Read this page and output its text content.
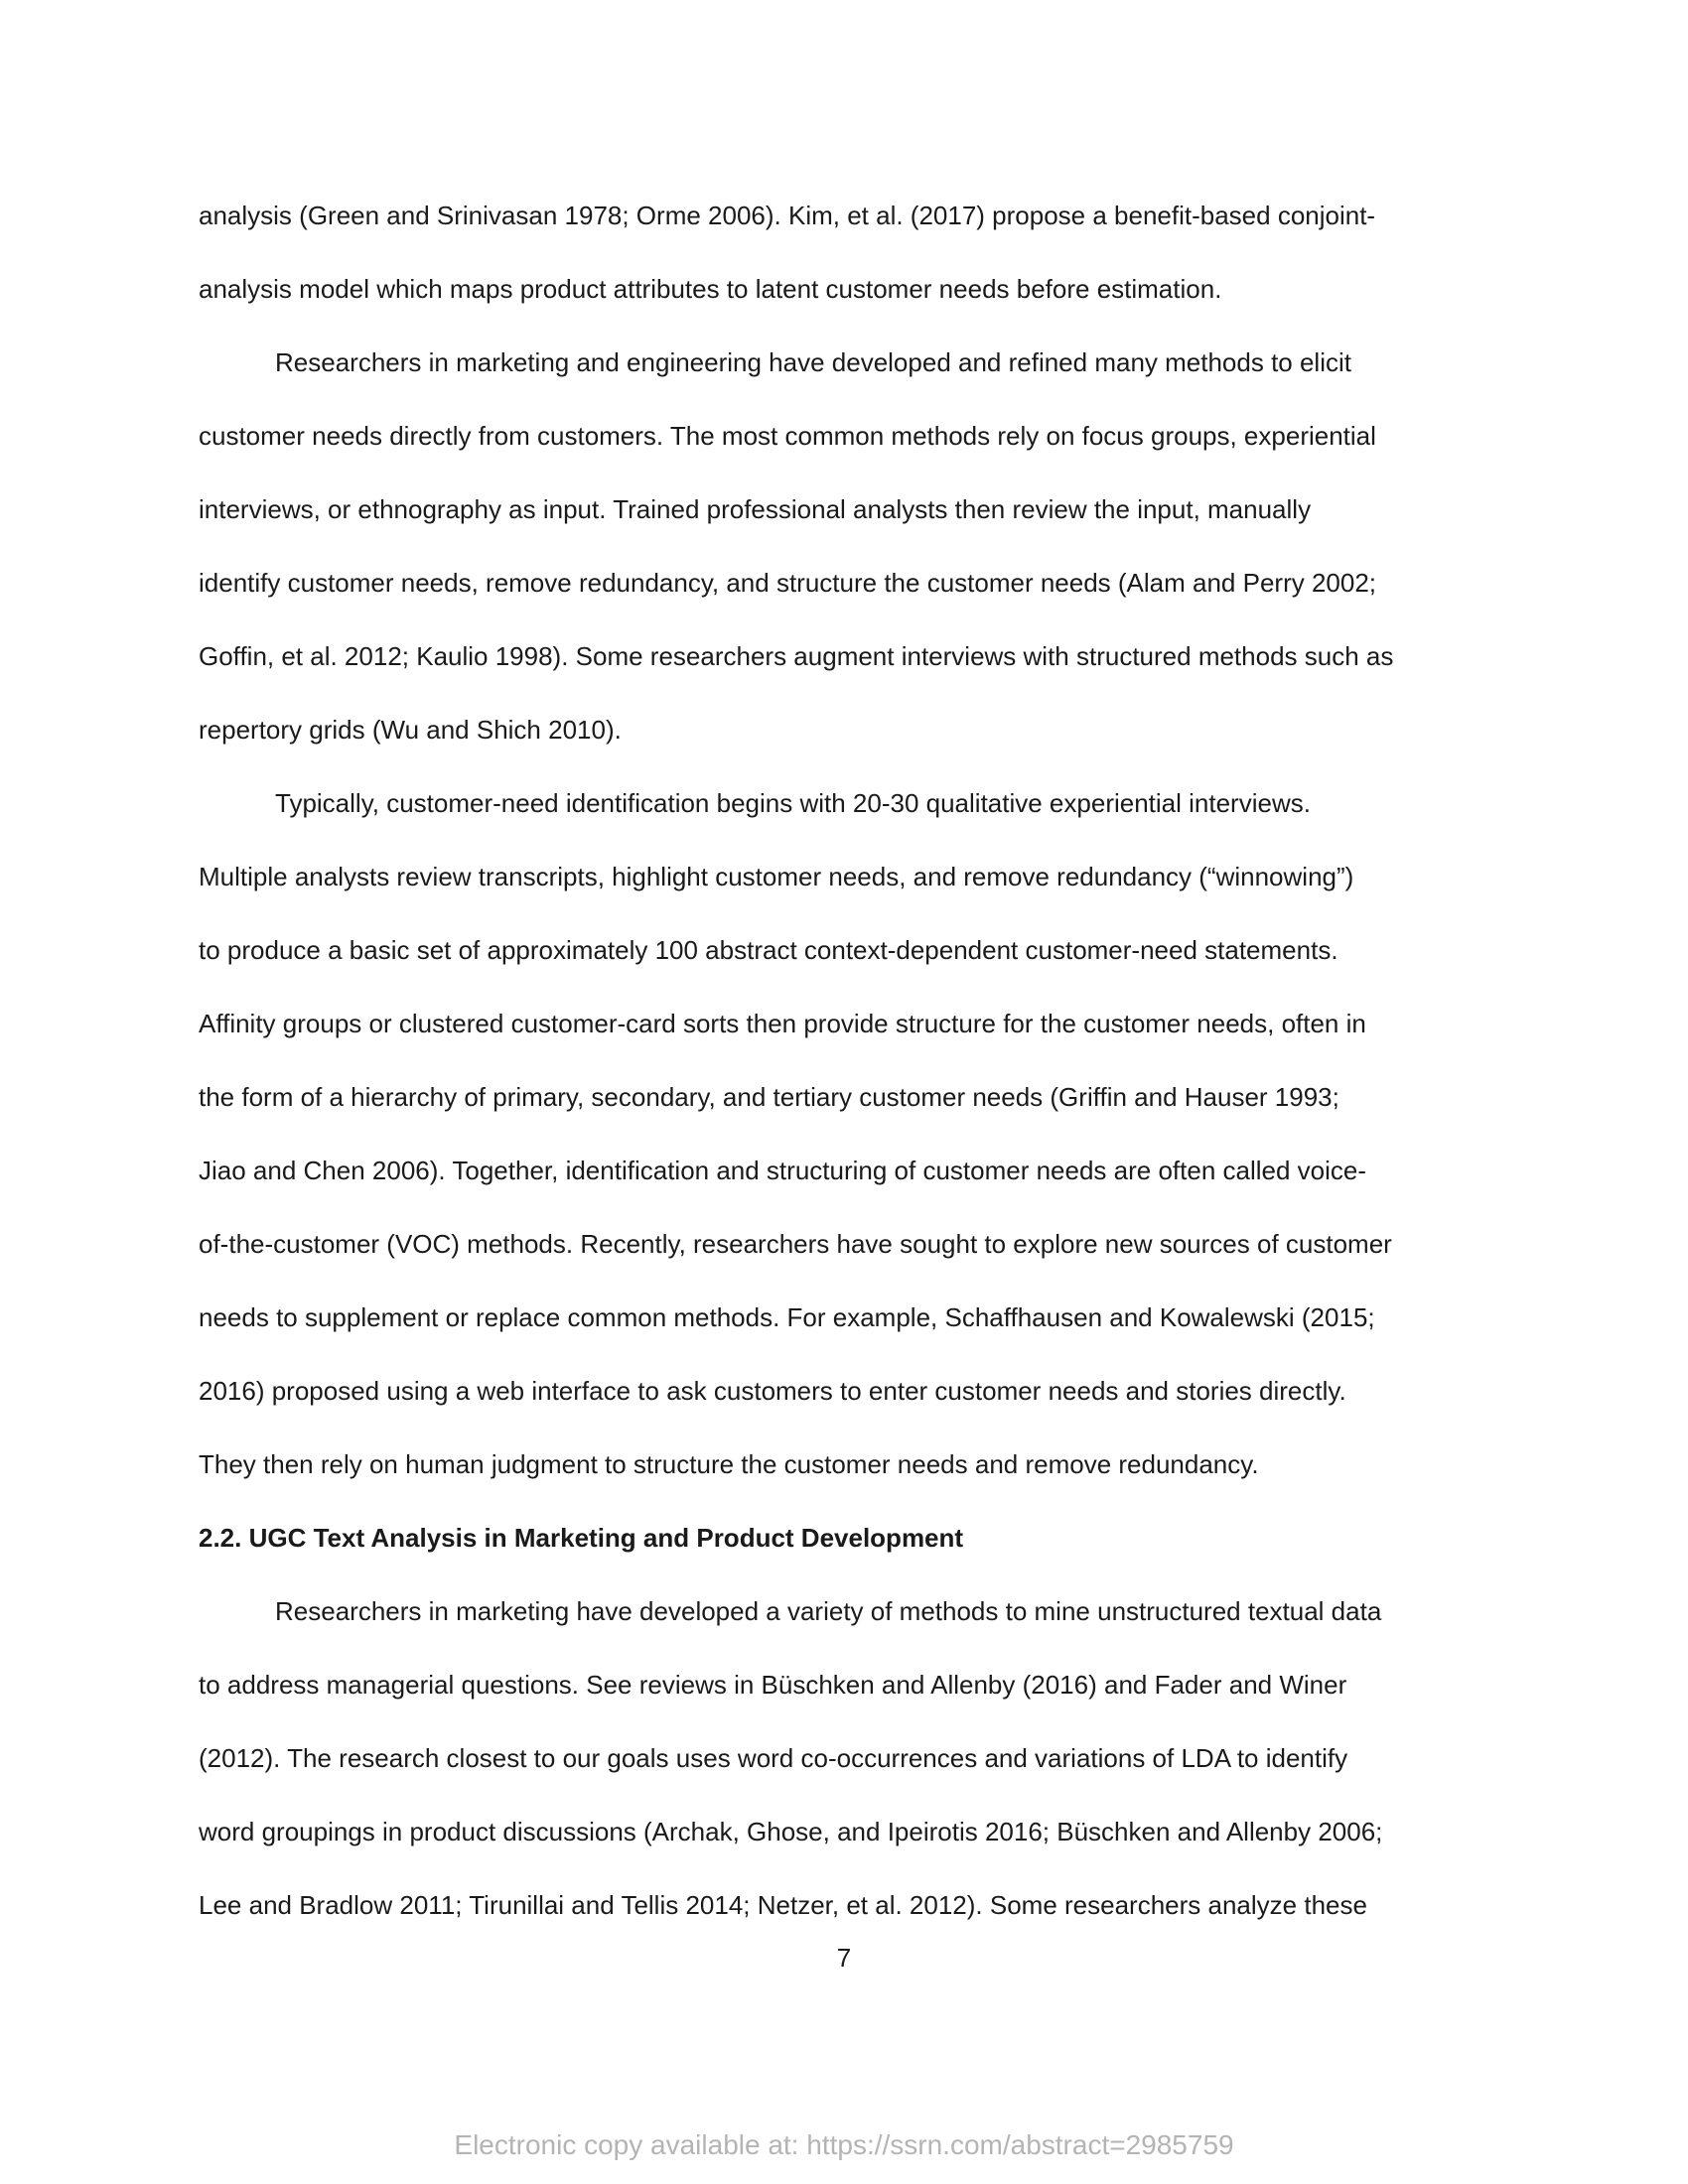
analysis (Green and Srinivasan 1978; Orme 2006). Kim, et al. (2017) propose a benefit-based conjoint-
analysis model which maps product attributes to latent customer needs before estimation.
Researchers in marketing and engineering have developed and refined many methods to elicit
customer needs directly from customers. The most common methods rely on focus groups, experiential
interviews, or ethnography as input. Trained professional analysts then review the input, manually
identify customer needs, remove redundancy, and structure the customer needs (Alam and Perry 2002;
Goffin, et al. 2012; Kaulio 1998). Some researchers augment interviews with structured methods such as
repertory grids (Wu and Shich 2010).
Typically, customer-need identification begins with 20-30 qualitative experiential interviews.
Multiple analysts review transcripts, highlight customer needs, and remove redundancy (“winnowing”)
to produce a basic set of approximately 100 abstract context-dependent customer-need statements.
Affinity groups or clustered customer-card sorts then provide structure for the customer needs, often in
the form of a hierarchy of primary, secondary, and tertiary customer needs (Griffin and Hauser 1993;
Jiao and Chen 2006). Together, identification and structuring of customer needs are often called voice-
of-the-customer (VOC) methods. Recently, researchers have sought to explore new sources of customer
needs to supplement or replace common methods. For example, Schaffhausen and Kowalewski (2015;
2016) proposed using a web interface to ask customers to enter customer needs and stories directly.
They then rely on human judgment to structure the customer needs and remove redundancy.
2.2. UGC Text Analysis in Marketing and Product Development
Researchers in marketing have developed a variety of methods to mine unstructured textual data
to address managerial questions. See reviews in Büschken and Allenby (2016) and Fader and Winer
(2012). The research closest to our goals uses word co-occurrences and variations of LDA to identify
word groupings in product discussions (Archak, Ghose, and Ipeirotis 2016; Büschken and Allenby 2006;
Lee and Bradlow 2011; Tirunillai and Tellis 2014; Netzer, et al. 2012). Some researchers analyze these
7
Electronic copy available at: https://ssrn.com/abstract=2985759
